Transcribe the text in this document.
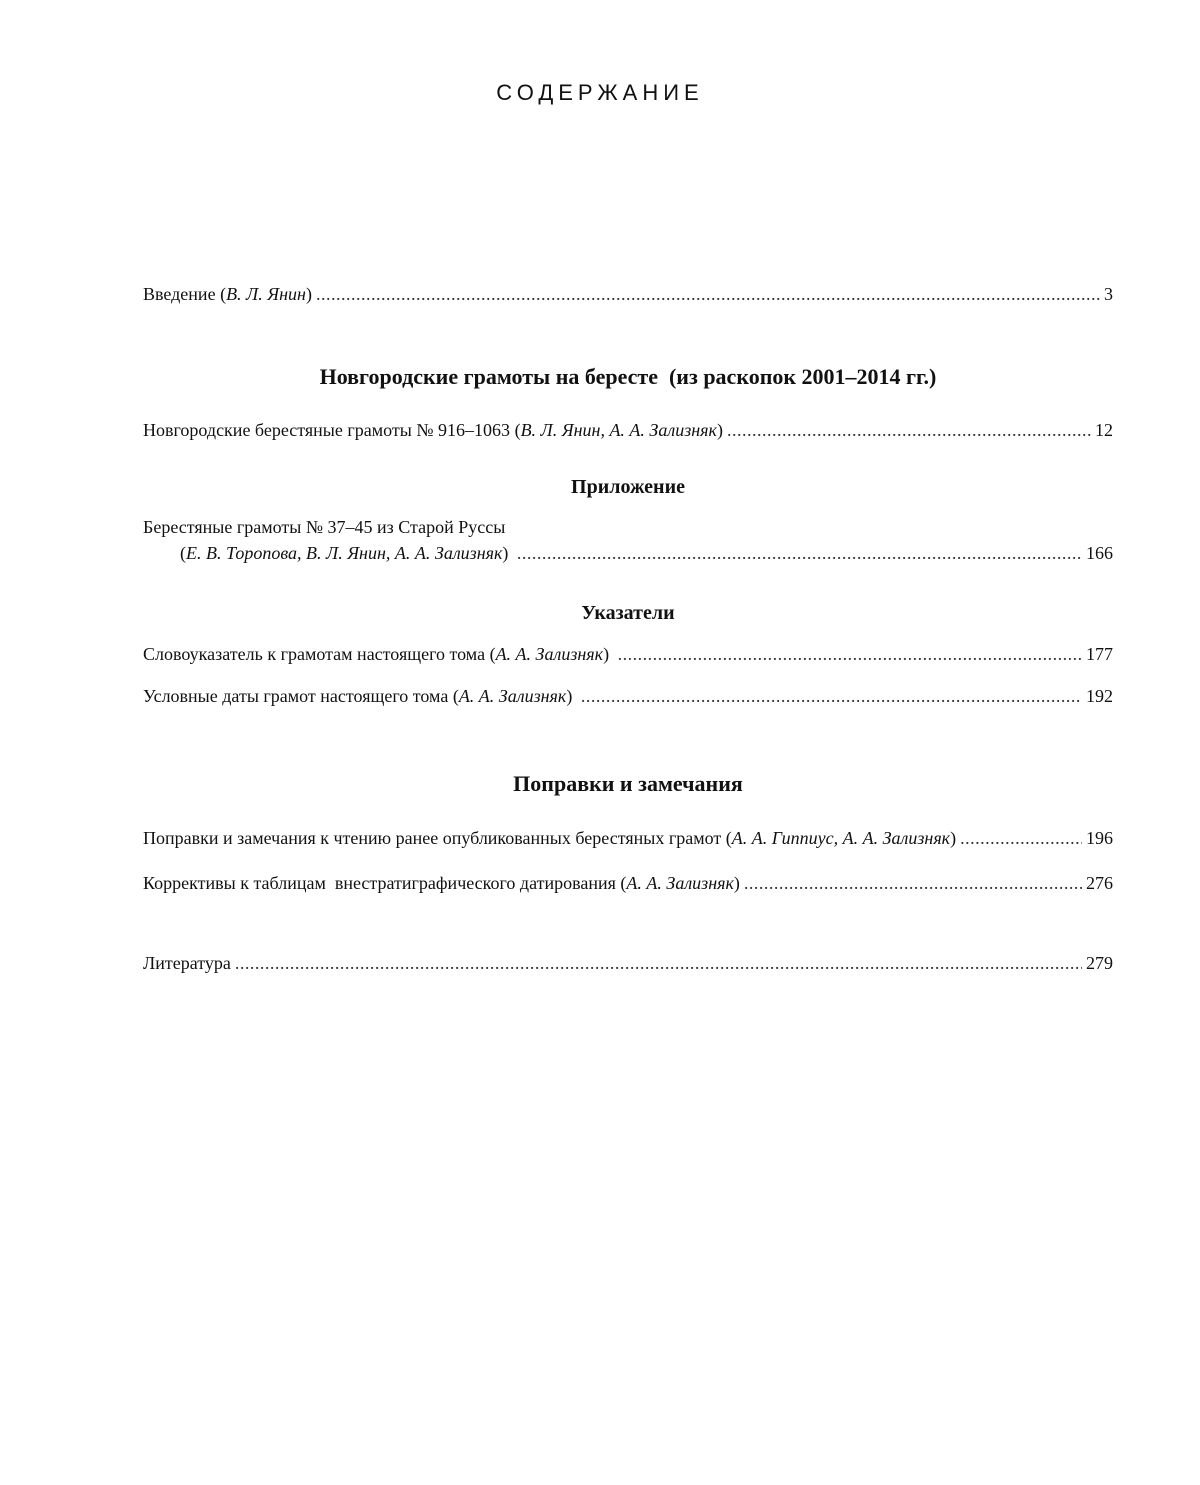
СОДЕРЖАНИЕ
Введение (В. Л. Янин) .....	3
Новгородские грамоты на бересте  (из раскопок 2001–2014 гг.)
Новгородские берестяные грамоты № 916–1063 (В. Л. Янин, А. А. Зализняк) .....	12
Приложение
Берестяные грамоты № 37–45 из Старой Руссы
(Е. В. Торопова, В. Л. Янин, А. А. Зализняк) .....	166
Указатели
Словоуказатель к грамотам настоящего тома (А. А. Зализняк) .....	177
Условные даты грамот настоящего тома (А. А. Зализняк) .....	192
Поправки и замечания
Поправки и замечания к чтению ранее опубликованных берестяных грамот (А. А. Гиппиус, А. А. Зализняк) .....	196
Коррективы к таблицам  внестратиграфического датирования (А. А. Зализняк) .....	276
Литература .....	279
